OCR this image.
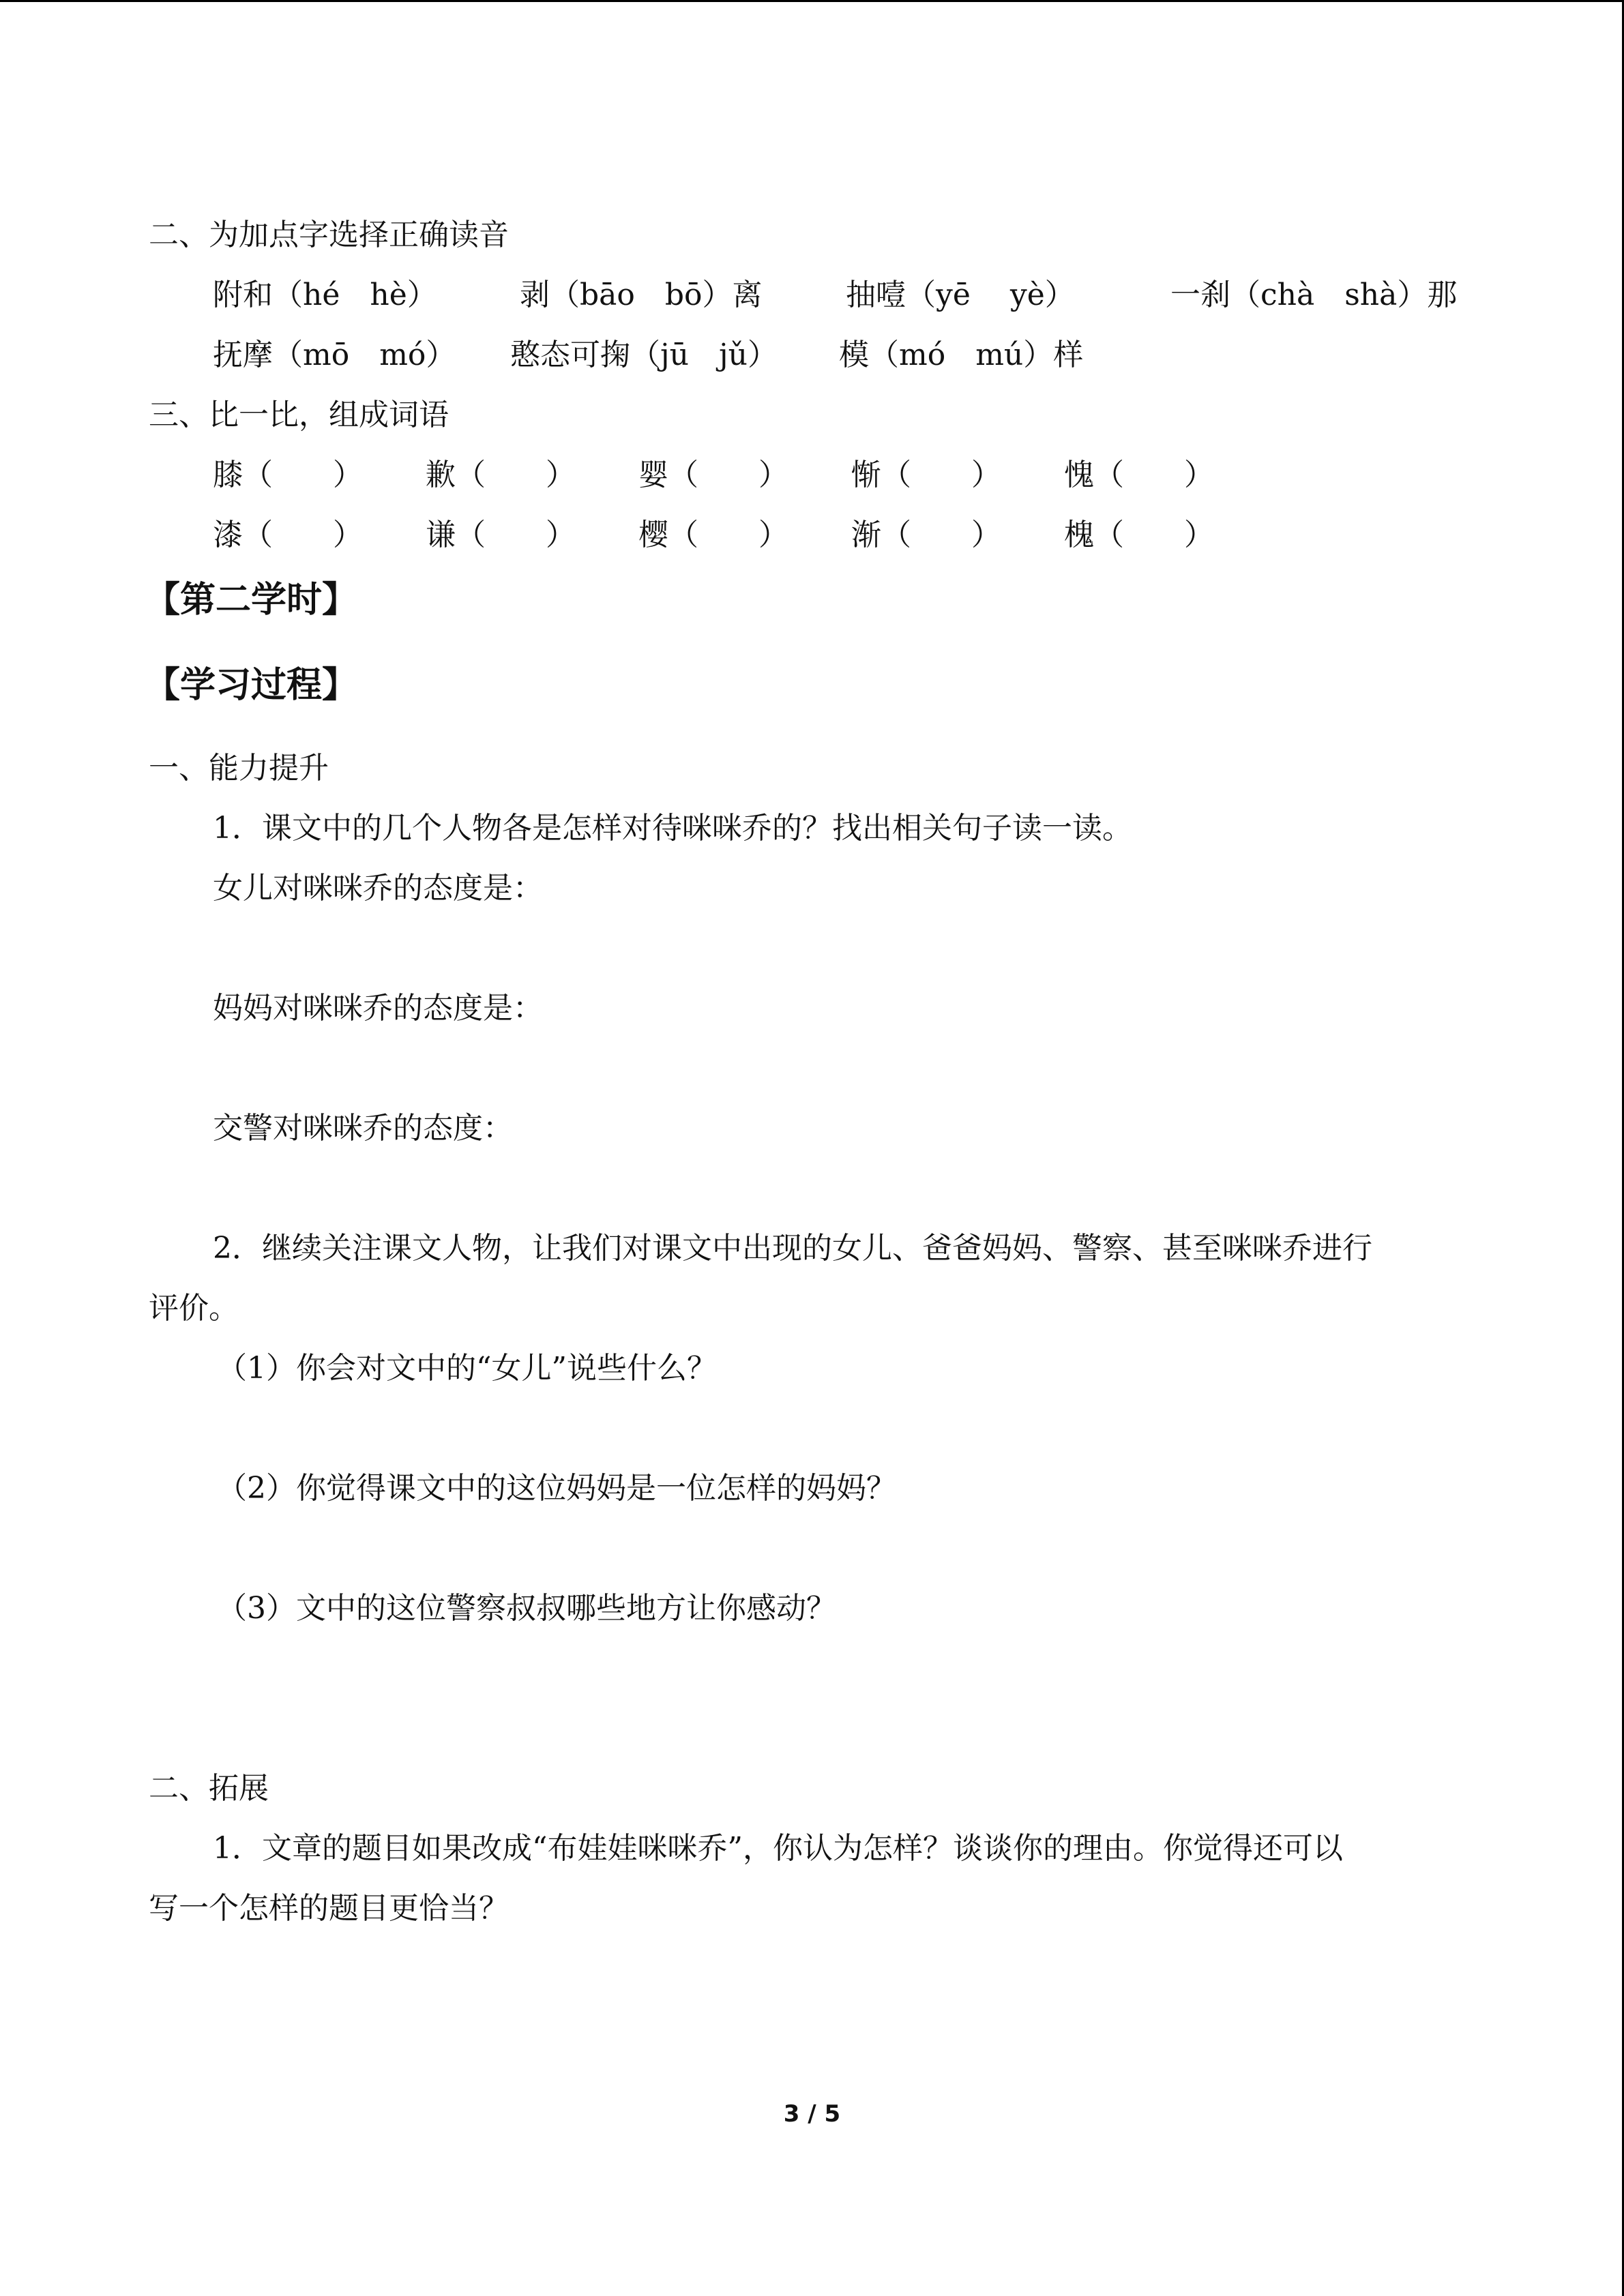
二、为加点字选择正确读音
附和（hé　hè）	剥（bāo　bō）离	抽噎（yē　 yè）	一刹（chà　shà）那
抚摩（mō　mó） 憨态可掬（jū　jǔ） 模（mó　mú）样
三、比一比，组成词语
膝（　　） 歉（　　） 婴（　　） 惭（　　） 愧（　　）
漆（　　） 谦（　　） 樱（　　） 渐（　　） 槐（　　）
【第二学时】
【学习过程】
一、能力提升
1．课文中的几个人物各是怎样对待咪咪乔的？找出相关句子读一读。
女儿对咪咪乔的态度是：
妈妈对咪咪乔的态度是：
交警对咪咪乔的态度：
2．继续关注课文人物，让我们对课文中出现的女儿、爸爸妈妈、警察、甚至咪咪乔进行
评价。
（1）你会对文中的“女儿”说些什么？
（2）你觉得课文中的这位妈妈是一位怎样的妈妈？
（3）文中的这位警察叔叔哪些地方让你感动？
二、拓展
1．文章的题目如果改成“布娃娃咪咪乔”，你认为怎样？谈谈你的理由。你觉得还可以
写一个怎样的题目更恰当？
3 / 5
